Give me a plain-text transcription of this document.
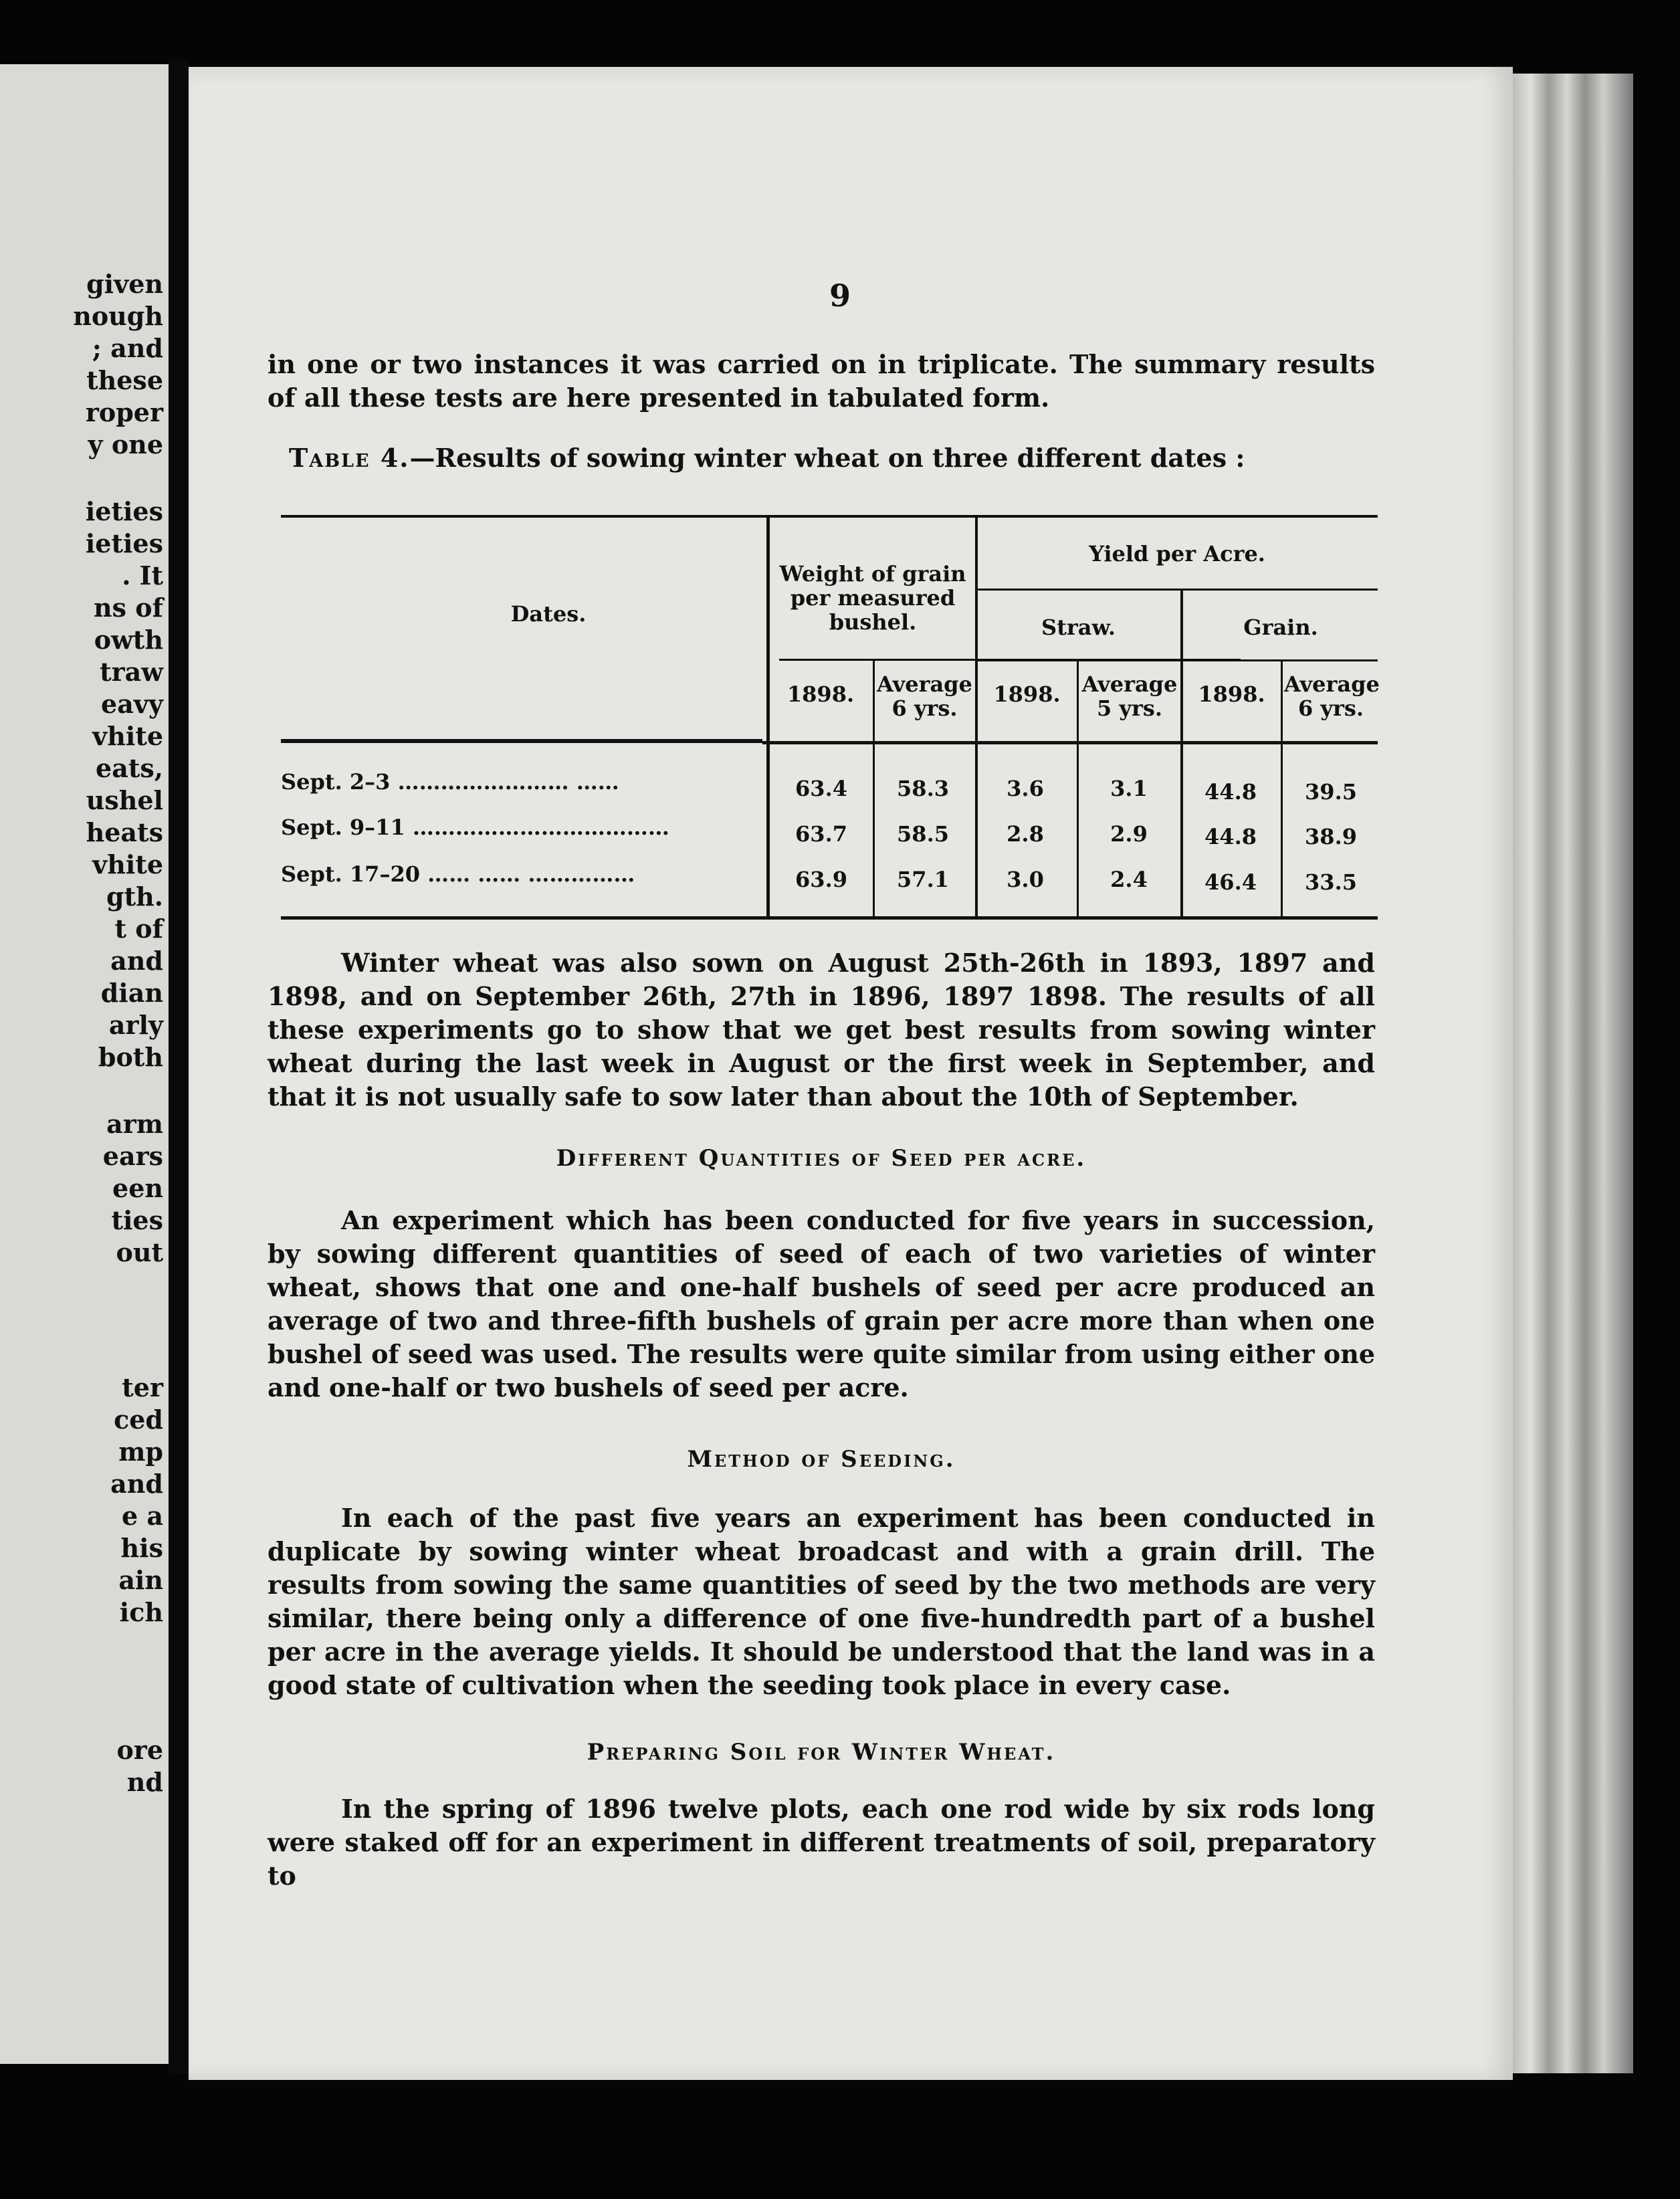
given
nough
; and
these
roper
y one
ieties
ieties
. It
ns of
owth
traw
eavy
vhite
eats,
ushel
heats
vhite
gth.
t of
and
dian
arly
both
arm
ears
een
ties
out
ter
ced
mp
and
e a
his
ain
ich
ore
nd
9
in one or two instances it was carried on in triplicate. The summary results of all these tests are here presented in tabulated form.
Table 4.—Results of sowing winter wheat on three different dates :
Dates.
Weight of grain per measured bushel.
Yield per Acre.
Straw.	Grain.
1898.	Average 6 yrs.
1898.	Average 5 yrs.
1898. Average 6 yrs.
Sept. 2–3 …………………… ……	63.4	58.3	3.6	3.1	44.8	39.5
Sept. 9–11 ………………………………	63.7	58.5	2.8	2.9	44.8	38.9
Sept. 17–20 …… …… ……………	63.9	57.1	3.0	2.4	46.4	33.5
Winter wheat was also sown on August 25th-26th in 1893, 1897 and 1898, and on September 26th, 27th in 1896, 1897 1898. The results of all these experiments go to show that we get best results from sowing winter wheat during the last week in August or the first week in September, and that it is not usually safe to sow later than about the 10th of September.
Different Quantities of Seed per acre.
An experiment which has been conducted for five years in succession, by sowing different quantities of seed of each of two varieties of winter wheat, shows that one and one-half bushels of seed per acre produced an average of two and three-fifth bushels of grain per acre more than when one bushel of seed was used. The results were quite similar from using either one and one-half or two bushels of seed per acre.
Method of Seeding.
In each of the past five years an experiment has been conducted in duplicate by sowing winter wheat broadcast and with a grain drill. The results from sowing the same quantities of seed by the two methods are very similar, there being only a difference of one five-hundredth part of a bushel per acre in the average yields. It should be understood that the land was in a good state of cultivation when the seeding took place in every case.
Preparing Soil for Winter Wheat.
In the spring of 1896 twelve plots, each one rod wide by six rods long were staked off for an experiment in different treatments of soil, preparatory to
